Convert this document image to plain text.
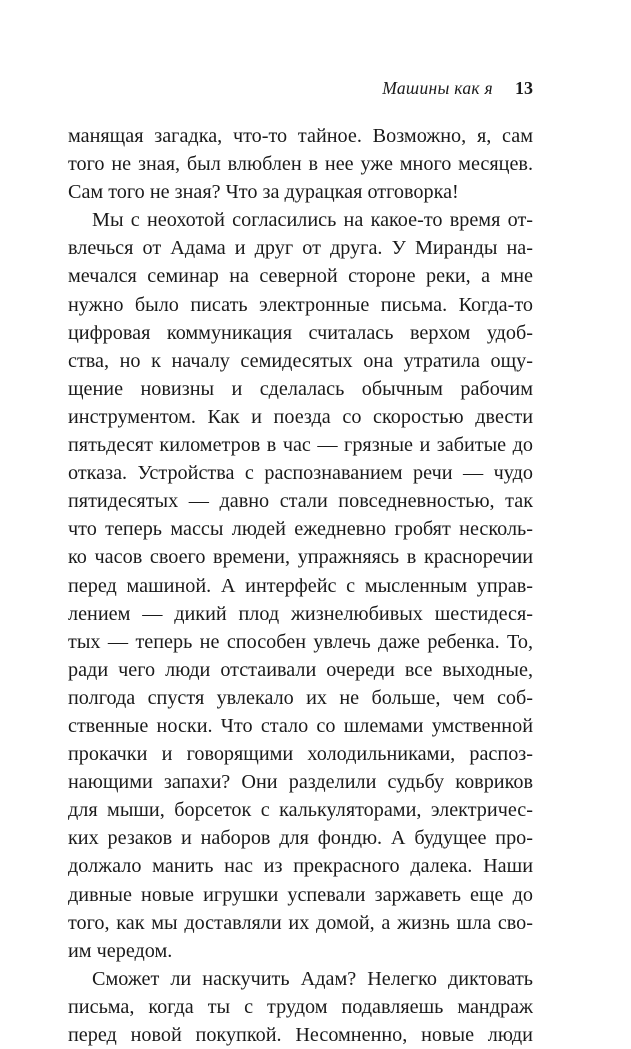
Машины как я 13
манящая загадка, что-то тайное. Возможно, я, сам
того не зная, был влюблен в нее уже много месяцев.
Сам того не зная? Что за дурацкая отговорка!
Мы с неохотой согласились на какое-то время от-
влечься от Адама и друг от друга. У Миранды на-
мечался семинар на северной стороне реки, а мне
нужно было писать электронные письма. Когда-то
цифровая коммуникация считалась верхом удоб-
ства, но к началу семидесятых она утратила ощу-
щение новизны и сделалась обычным рабочим
инструментом. Как и поезда со скоростью двести
пятьдесят километров в час — грязные и забитые до
отказа. Устройства с распознаванием речи — чудо
пятидесятых — давно стали повседневностью, так
что теперь массы людей ежедневно гробят несколь-
ко часов своего времени, упражняясь в красноречии
перед машиной. А интерфейс с мысленным управ-
лением — дикий плод жизнелюбивых шестидеся-
тых — теперь не способен увлечь даже ребенка. То,
ради чего люди отстаивали очереди все выходные,
полгода спустя увлекало их не больше, чем соб-
ственные носки. Что стало со шлемами умственной
прокачки и говорящими холодильниками, распоз-
нающими запахи? Они разделили судьбу ковриков
для мыши, борсеток с калькуляторами, электричес-
ких резаков и наборов для фондю. А будущее про-
должало манить нас из прекрасного далека. Наши
дивные новые игрушки успевали заржаветь еще до
того, как мы доставляли их домой, а жизнь шла сво-
им чередом.
Сможет ли наскучить Адам? Нелегко диктовать
письма, когда ты с трудом подавляешь мандраж
перед новой покупкой. Несомненно, новые люди
